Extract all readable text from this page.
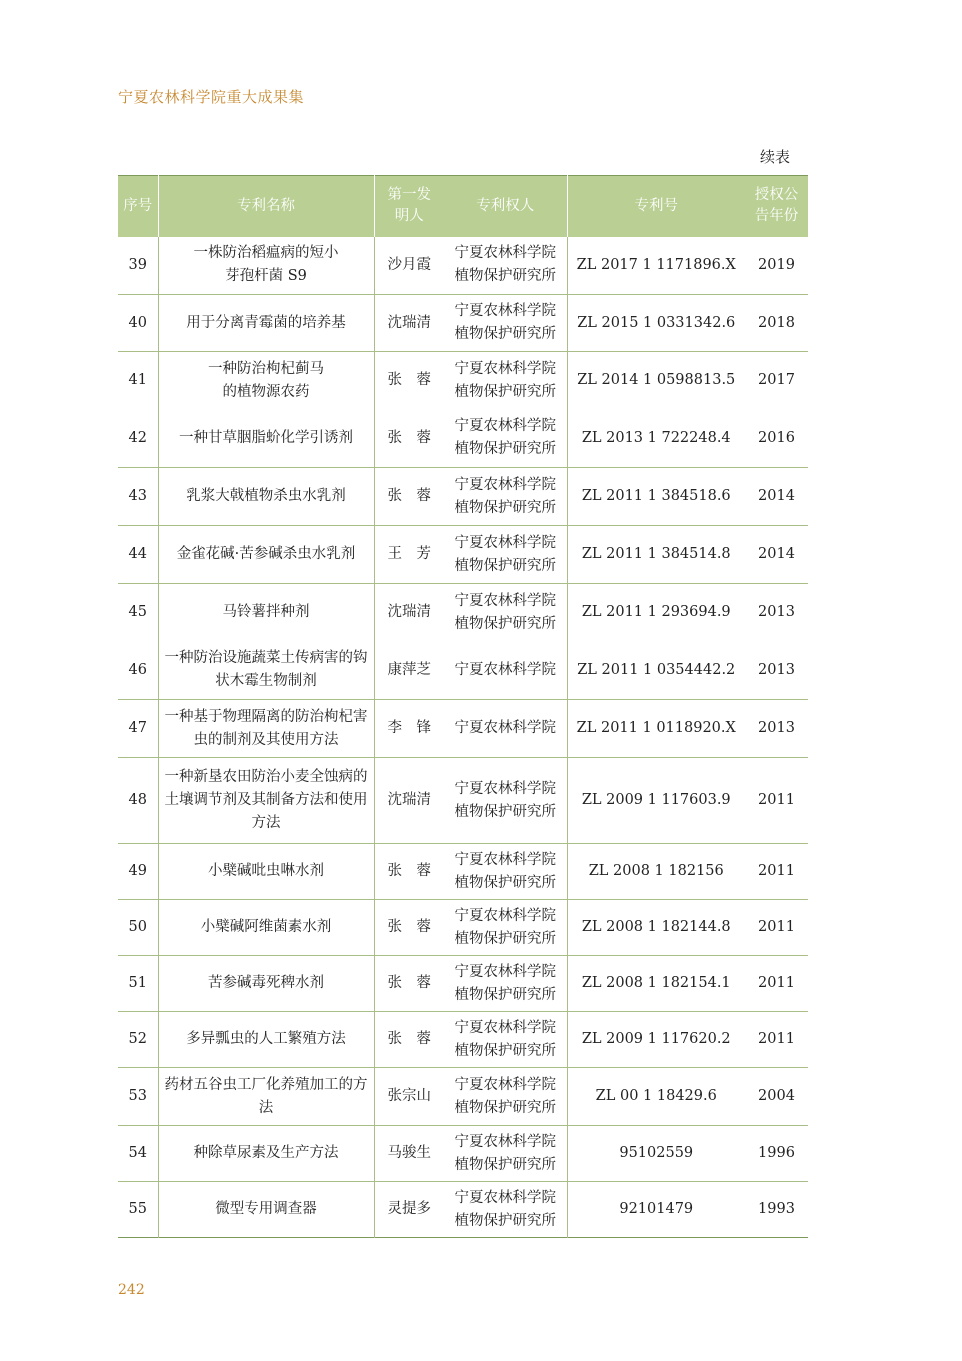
宁夏农林科学院重大成果集
续表
序号	专利名称	第一发明人	专利权人	专利号	授权公告年份
39	一株防治稻瘟病的短小芽孢杆菌 S9	沙月霞	宁夏农林科学院植物保护研究所	ZL 2017 1 1171896.X	2019
40	用于分离青霉菌的培养基	沈瑞清	宁夏农林科学院植物保护研究所	ZL 2015 1 0331342.6	2018
41	一种防治枸杞蓟马的植物源农药	张　蓉	宁夏农林科学院植物保护研究所	ZL 2014 1 0598813.5	2017
42	一种甘草胭脂蚧化学引诱剂	张　蓉	宁夏农林科学院植物保护研究所	ZL 2013 1 722248.4	2016
43	乳浆大戟植物杀虫水乳剂	张　蓉	宁夏农林科学院植物保护研究所	ZL 2011 1 384518.6	2014
44	金雀花碱·苦参碱杀虫水乳剂	王　芳	宁夏农林科学院植物保护研究所	ZL 2011 1 384514.8	2014
45	马铃薯拌种剂	沈瑞清	宁夏农林科学院植物保护研究所	ZL 2011 1 293694.9	2013
46	一种防治设施蔬菜土传病害的钩状木霉生物制剂	康萍芝	宁夏农林科学院	ZL 2011 1 0354442.2	2013
47	一种基于物理隔离的防治枸杞害虫的制剂及其使用方法	李　锋	宁夏农林科学院	ZL 2011 1 0118920.X	2013
48	一种新垦农田防治小麦全蚀病的土壤调节剂及其制备方法和使用方法	沈瑞清	宁夏农林科学院植物保护研究所	ZL 2009 1 117603.9	2011
49	小檗碱吡虫啉水剂	张　蓉	宁夏农林科学院植物保护研究所	ZL 2008 1 182156	2011
50	小檗碱阿维菌素水剂	张　蓉	宁夏农林科学院植物保护研究所	ZL 2008 1 182144.8	2011
51	苦参碱毒死稗水剂	张　蓉	宁夏农林科学院植物保护研究所	ZL 2008 1 182154.1	2011
52	多异瓢虫的人工繁殖方法	张　蓉	宁夏农林科学院植物保护研究所	ZL 2009 1 117620.2	2011
53	药材五谷虫工厂化养殖加工的方法	张宗山	宁夏农林科学院植物保护研究所	ZL 00 1 18429.6	2004
54	种除草尿素及生产方法	马骏生	宁夏农林科学院植物保护研究所	95102559	1996
55	微型专用调查器	灵提多	宁夏农林科学院植物保护研究所	92101479	1993
242
